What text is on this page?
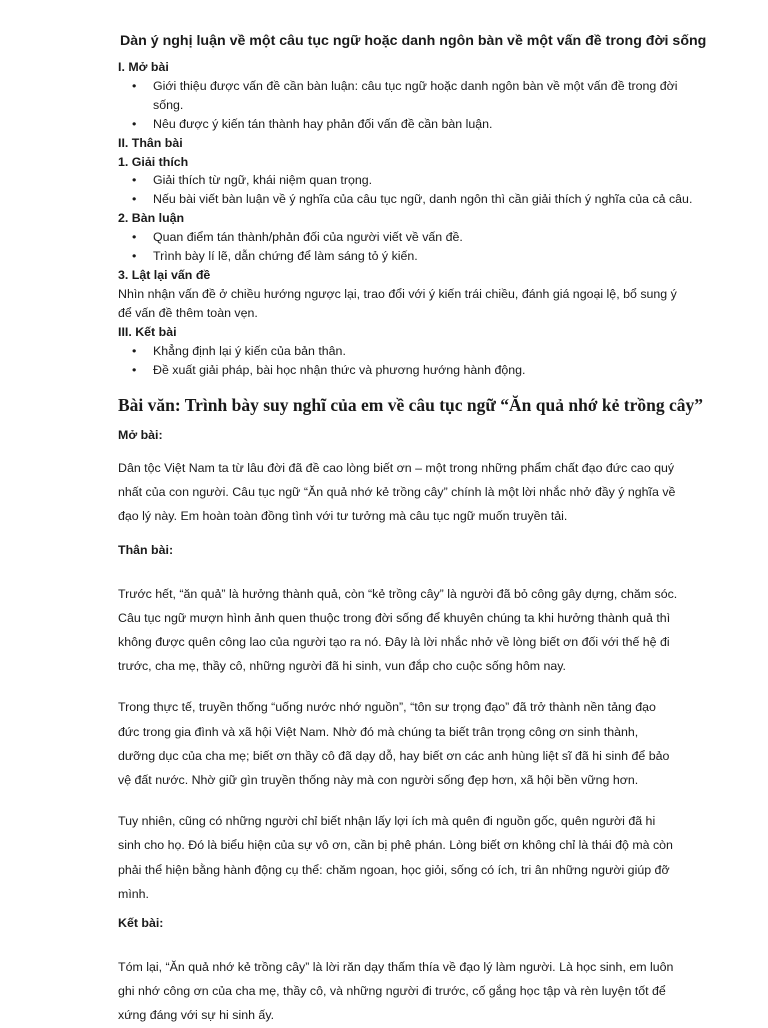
Dàn ý nghị luận về một câu tục ngữ hoặc danh ngôn bàn về một vấn đề trong đời sống

I. Mở bài

• Giới thiệu được vấn đề cần bàn luận: câu tục ngữ hoặc danh ngôn bàn về một vấn đề trong đời sống.
• Nêu được ý kiến tán thành hay phản đối vấn đề cần bàn luận.

II. Thân bài

1. Giải thích

• Giải thích từ ngữ, khái niệm quan trọng.
• Nếu bài viết bàn luận về ý nghĩa của câu tục ngữ, danh ngôn thì cần giải thích ý nghĩa của cả câu.

2. Bàn luận

• Quan điểm tán thành/phản đối của người viết về vấn đề.
• Trình bày lí lẽ, dẫn chứng để làm sáng tỏ ý kiến.

3. Lật lại vấn đề

Nhìn nhận vấn đề ở chiều hướng ngược lại, trao đổi với ý kiến trái chiều, đánh giá ngoại lệ, bổ sung ý để vấn đề thêm toàn vẹn.

III. Kết bài

• Khẳng định lại ý kiến của bản thân.
• Đề xuất giải pháp, bài học nhận thức và phương hướng hành động.
Bài văn: Trình bày suy nghĩ của em về câu tục ngữ “Ăn quả nhớ kẻ trồng cây”

Mở bài:

Dân tộc Việt Nam ta từ lâu đời đã đề cao lòng biết ơn – một trong những phẩm chất đạo đức cao quý nhất của con người. Câu tục ngữ “Ăn quả nhớ kẻ trồng cây” chính là một lời nhắc nhở đầy ý nghĩa về đạo lý này. Em hoàn toàn đồng tình với tư tưởng mà câu tục ngữ muốn truyền tải.

Thân bài:

Trước hết, “ăn quả” là hưởng thành quả, còn “kẻ trồng cây” là người đã bỏ công gây dựng, chăm sóc. Câu tục ngữ mượn hình ảnh quen thuộc trong đời sống để khuyên chúng ta khi hưởng thành quả thì không được quên công lao của người tạo ra nó. Đây là lời nhắc nhở về lòng biết ơn đối với thế hệ đi trước, cha mẹ, thầy cô, những người đã hi sinh, vun đắp cho cuộc sống hôm nay.

Trong thực tế, truyền thống “uống nước nhớ nguồn”, “tôn sư trọng đạo” đã trở thành nền tảng đạo đức trong gia đình và xã hội Việt Nam. Nhờ đó mà chúng ta biết trân trọng công ơn sinh thành, dưỡng dục của cha mẹ; biết ơn thầy cô đã dạy dỗ, hay biết ơn các anh hùng liệt sĩ đã hi sinh để bảo vệ đất nước. Nhờ giữ gìn truyền thống này mà con người sống đẹp hơn, xã hội bền vững hơn.

Tuy nhiên, cũng có những người chỉ biết nhận lấy lợi ích mà quên đi nguồn gốc, quên người đã hi sinh cho họ. Đó là biểu hiện của sự vô ơn, cần bị phê phán. Lòng biết ơn không chỉ là thái độ mà còn phải thể hiện bằng hành động cụ thể: chăm ngoan, học giỏi, sống có ích, tri ân những người giúp đỡ mình.

Kết bài:

Tóm lại, “Ăn quả nhớ kẻ trồng cây” là lời răn dạy thấm thía về đạo lý làm người. Là học sinh, em luôn ghi nhớ công ơn của cha mẹ, thầy cô, và những người đi trước, cố gắng học tập và rèn luyện tốt để xứng đáng với sự hi sinh ấy.
